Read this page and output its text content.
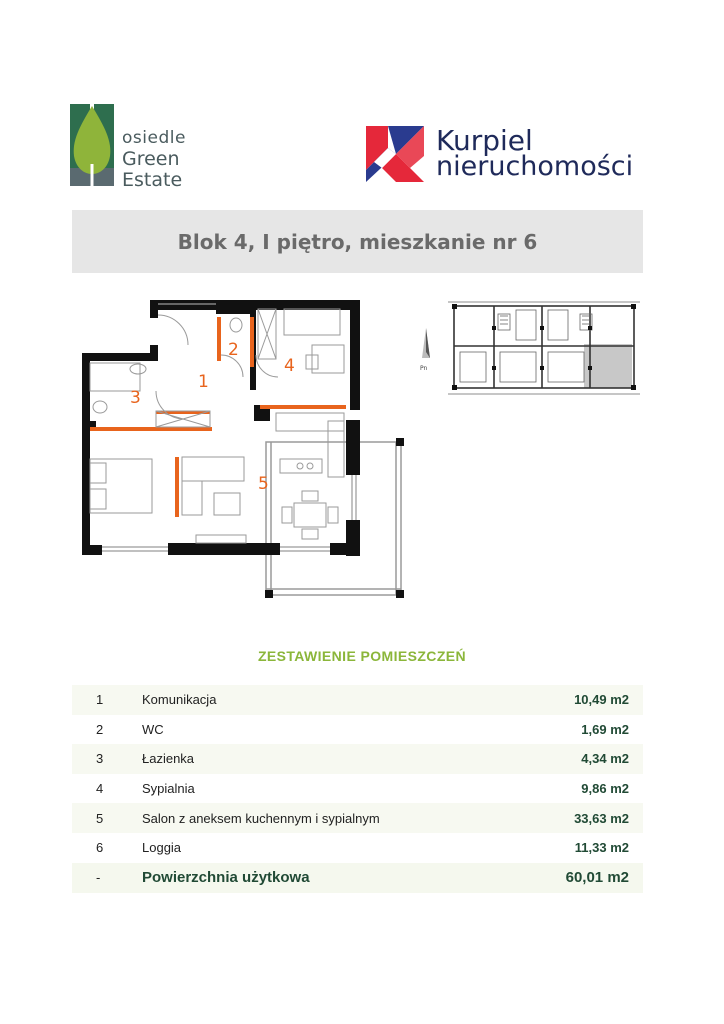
osiedle
Green
Estate
Kurpiel
nieruchomości
Blok 4, I piętro, mieszkanie nr 6
1
2
3
4
5
Pn
ZESTAWIENIE POMIESZCZEŃ
1	Komunikacja	10,49 m2
2	WC	1,69 m2
3	Łazienka	4,34 m2
4	Sypialnia	9,86 m2
5	Salon z aneksem kuchennym i sypialnym	33,63 m2
6	Loggia	11,33 m2
-	Powierzchnia użytkowa	60,01 m2
